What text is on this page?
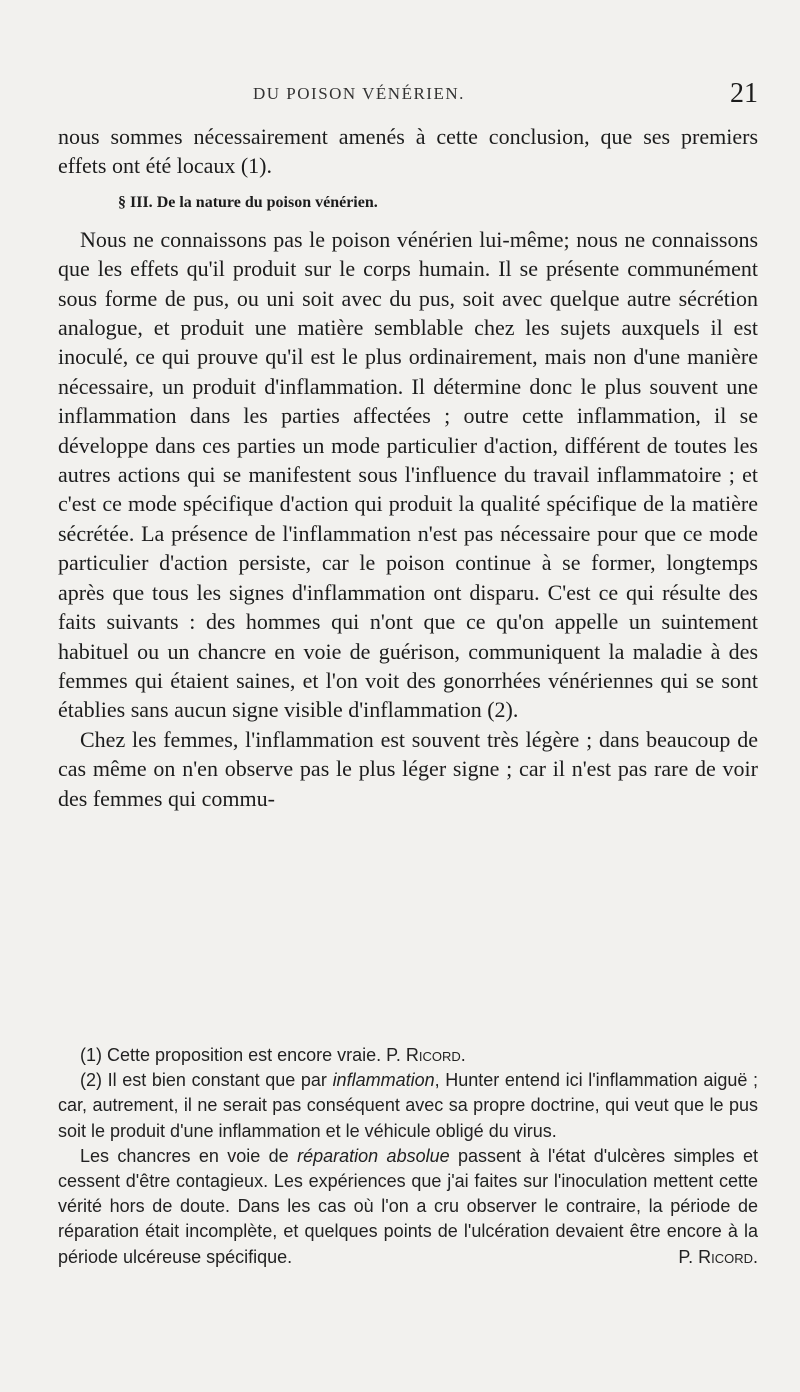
DU POISON VÉNÉRIEN.	21

nous sommes nécessairement amenés à cette conclusion, que ses premiers effets ont été locaux (1).

§ III. De la nature du poison vénérien.

Nous ne connaissons pas le poison vénérien lui-même; nous ne connaissons que les effets qu'il produit sur le corps humain. Il se présente communément sous forme de pus, ou uni soit avec du pus, soit avec quelque autre sécrétion analogue, et produit une matière semblable chez les sujets auxquels il est inoculé, ce qui prouve qu'il est le plus ordinairement, mais non d'une manière nécessaire, un produit d'inflammation. Il détermine donc le plus souvent une inflammation dans les parties affectées ; outre cette inflammation, il se développe dans ces parties un mode particulier d'action, différent de toutes les autres actions qui se manifestent sous l'influence du travail inflammatoire ; et c'est ce mode spécifique d'action qui produit la qualité spécifique de la matière sécrétée. La présence de l'inflammation n'est pas nécessaire pour que ce mode particulier d'action persiste, car le poison continue à se former, longtemps après que tous les signes d'inflammation ont disparu. C'est ce qui résulte des faits suivants : des hommes qui n'ont que ce qu'on appelle un suintement habituel ou un chancre en voie de guérison, communiquent la maladie à des femmes qui étaient saines, et l'on voit des gonorrhées vénériennes qui se sont établies sans aucun signe visible d'inflammation (2).

Chez les femmes, l'inflammation est souvent très légère ; dans beaucoup de cas même on n'en observe pas le plus léger signe ; car il n'est pas rare de voir des femmes qui commu-

(1) Cette proposition est encore vraie. P. Ricord.

(2) Il est bien constant que par inflammation, Hunter entend ici l'inflammation aiguë ; car, autrement, il ne serait pas conséquent avec sa propre doctrine, qui veut que le pus soit le produit d'une inflammation et le véhicule obligé du virus.

Les chancres en voie de réparation absolue passent à l'état d'ulcères simples et cessent d'être contagieux. Les expériences que j'ai faites sur l'inoculation mettent cette vérité hors de doute. Dans les cas où l'on a cru observer le contraire, la période de réparation était incomplète, et quelques points de l'ulcération devaient être encore à la période ulcéreuse spécifique.	P. Ricord.
